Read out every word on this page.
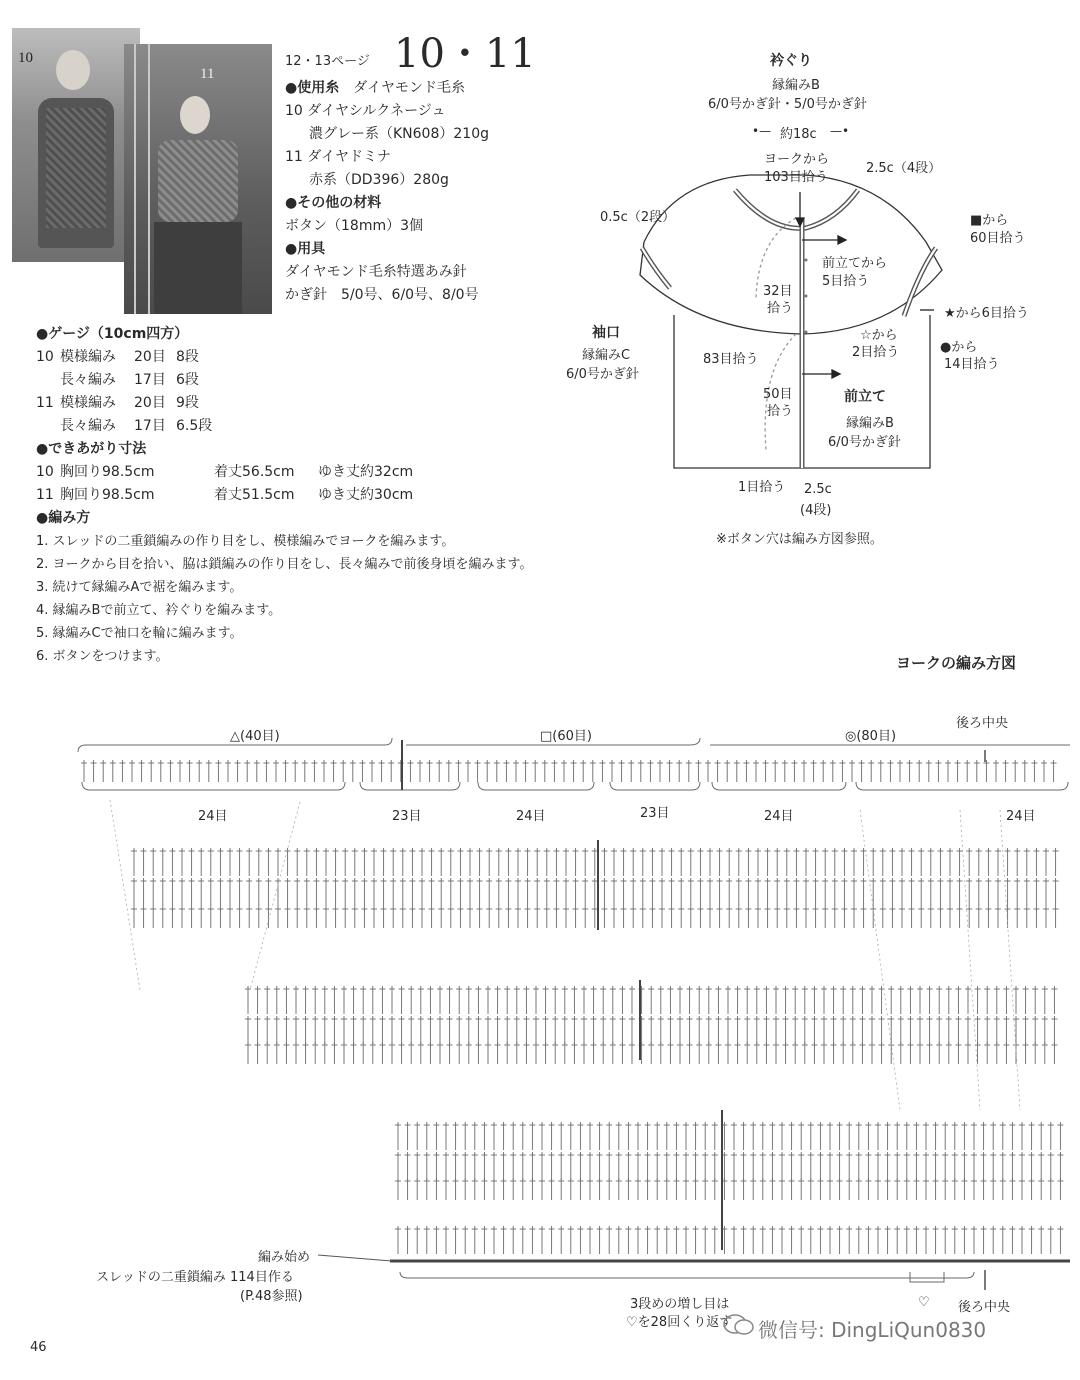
10
11
12・13ページ 10・11
●使用糸　 ダイヤモンド毛糸
10 ダイヤシルクネージュ
濃グレー系（KN608）210g
11 ダイヤドミナ
赤系（DD396）280g
●その他の材料
ボタン（18mm）3個
●用具
ダイヤモンド毛糸特選あみ針
かぎ針　5/0号、6/0号、8/0号
●ゲージ（10cm四方）
10 模様編み 20目 8段
長々編み 17目 6段
11 模様編み 20目 9段
長々編み 17目 6.5段
●できあがり寸法
10 胸回り98.5cm	着丈56.5cm ゆき丈約32cm
11 胸回り98.5cm	着丈51.5cm ゆき丈約30cm
●編み方
1. スレッドの二重鎖編みの作り目をし、模様編みでヨークを編みます。
2. ヨークから目を拾い、脇は鎖編みの作り目をし、長々編みで前後身頃を編みます。
3. 続けて縁編みAで裾を編みます。
4. 縁編みBで前立て、衿ぐりを編みます。
5. 縁編みCで袖口を輪に編みます。
6. ボタンをつけます。
衿ぐり
縁編みB
6/0号かぎ針・5/0号かぎ針
約18c
•—	—•
ヨークから
103目拾う
2.5c（4段）
0.5c（2段）	■から
60目拾う
前立てから
5目拾う
32目
拾う	★から6目拾う
☆から
2目拾う	●から
14目拾う
袖口
縁編みC
6/0号かぎ針
83目拾う
50目
拾う
前立て
縁編みB
6/0号かぎ針
1目拾う 2.5c
(4段)
※ボタン穴は編み方図参照。
ヨークの編み方図
後ろ中央
△(40目)	□(60目)	◎(80目)
24目	23目	24目	23目	24目	24目
編み始め
スレッドの二重鎖編み 114目作る
(P.48参照)
3段めの増し目は
♡を28回くり返す
♡ 後ろ中央
46
微信号: DingLiQun0830
